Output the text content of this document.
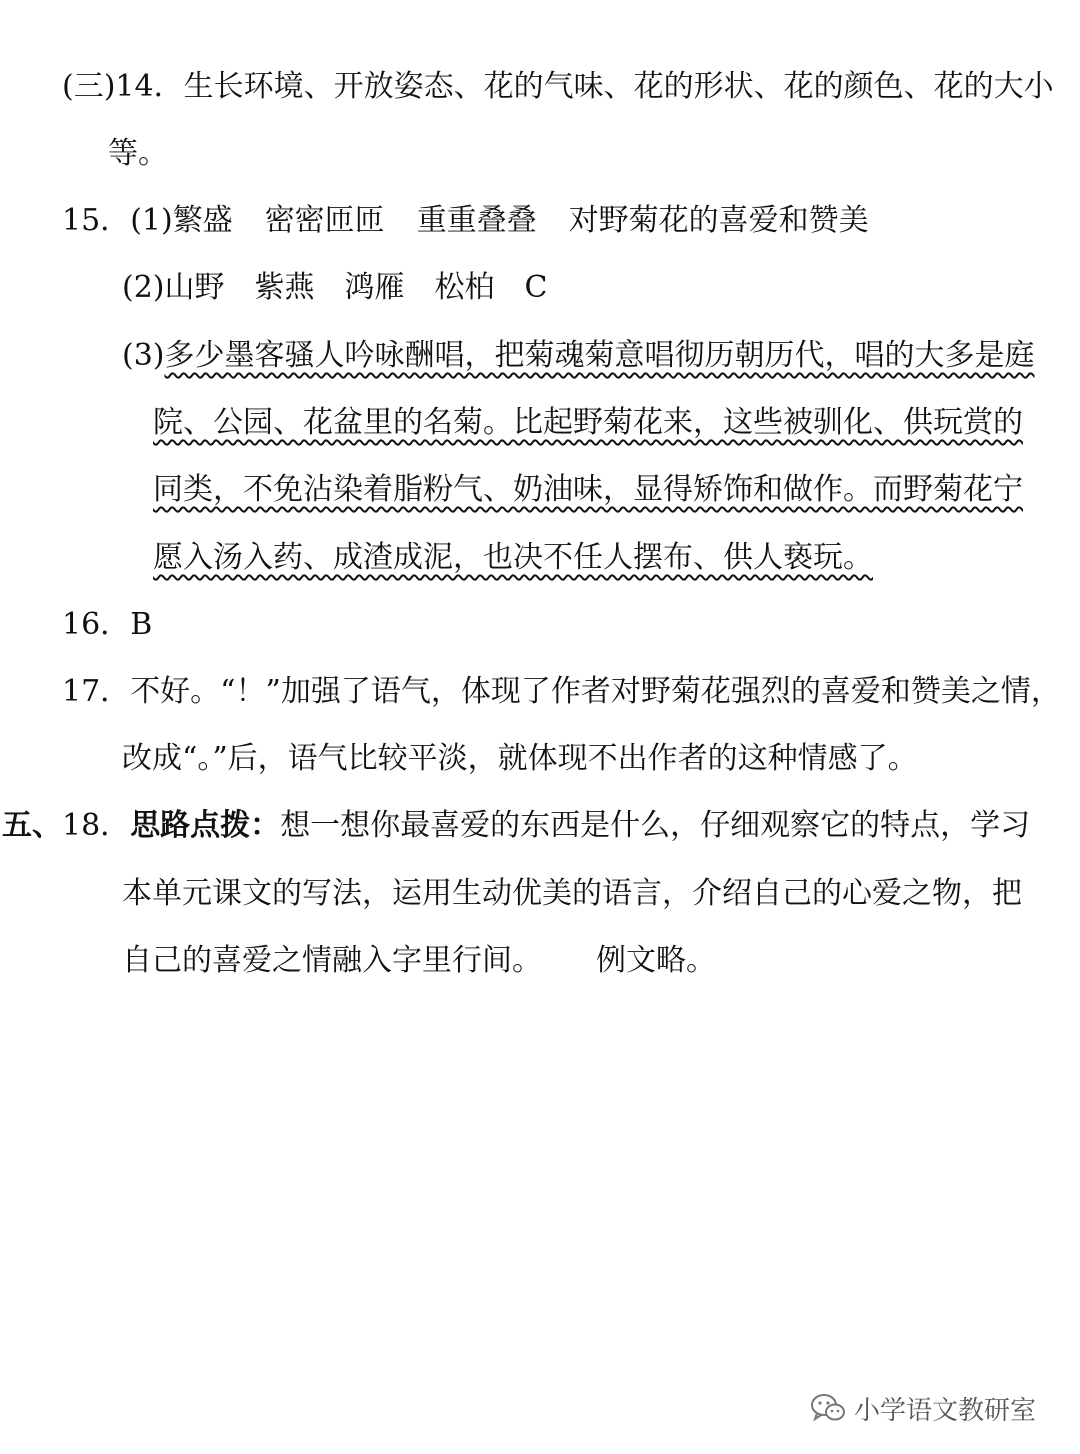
(三)14．生长环境、开放姿态、花的气味、花的形状、花的颜色、花的大小
等。
15．(1)繁盛 密密匝匝 重重叠叠 对野菊花的喜爱和赞美
(2)山野 紫燕 鸿雁 松柏 C
(3)多少墨客骚人吟咏酬唱，把菊魂菊意唱彻历朝历代，唱的大多是庭
院、公园、花盆里的名菊。比起野菊花来，这些被驯化、供玩赏的
同类，不免沾染着脂粉气、奶油味，显得矫饰和做作。而野菊花宁
愿入汤入药、成渣成泥，也决不任人摆布、供人亵玩。
16．B
17．不好。“！”加强了语气，体现了作者对野菊花强烈的喜爱和赞美之情，
改成“。”后，语气比较平淡，就体现不出作者的这种情感了。
五、18．思路点拨：想一想你最喜爱的东西是什么，仔细观察它的特点，学习
本单元课文的写法，运用生动优美的语言，介绍自己的心爱之物，把
自己的喜爱之情融入字里行间。 例文略。
小学语文教研室
